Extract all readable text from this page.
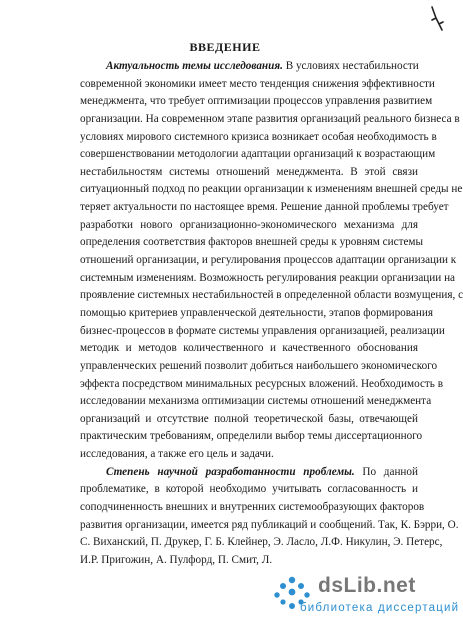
ВВЕДЕНИЕ
Актуальность темы исследования. В условиях нестабильности
современной экономики имеет место тенденция снижения эффективности
менеджмента, что требует оптимизации процессов управления развитием
организации. На современном этапе развития организаций реального бизнеса в
условиях мирового системного кризиса возникает особая необходимость в
совершенствовании методологии адаптации организаций к возрастающим
нестабильностям системы отношений менеджмента. В этой связи
ситуационный подход по реакции организации к изменениям внешней среды не
теряет актуальности по настоящее время. Решение данной проблемы требует
разработки нового организационно-экономического механизма для
определения соответствия факторов внешней среды к уровням системы
отношений организации, и регулирования процессов адаптации организации к
системным изменениям. Возможность регулирования реакции организации на
проявление системных нестабильностей в определенной области возмущения, с
помощью критериев управленческой деятельности, этапов формирования
бизнес-процессов в формате системы управления организацией, реализации
методик и методов количественного и качественного обоснования
управленческих решений позволит добиться наибольшего экономического
эффекта посредством минимальных ресурсных вложений. Необходимость в
исследовании механизма оптимизации системы отношений менеджмента
организаций и отсутствие полной теоретической базы, отвечающей
практическим требованиям, определили выбор темы диссертационного
исследования, а также его цель и задачи.
Степень научной разработанности проблемы. По данной
проблематике, в которой необходимо учитывать согласованность и
соподчиненность внешних и внутренних системообразующих факторов
развития организации, имеется ряд публикаций и сообщений. Так, К. Бэрри, О.
С. Виханский, П. Друкер, Г. Б. Клейнер, Э. Ласло, Л.Ф. Никулин, Э. Петерс,
И.Р. Пригожин, А. Пулфорд, П. Смит, Л.
dsLib.net
библиотека диссертаций
